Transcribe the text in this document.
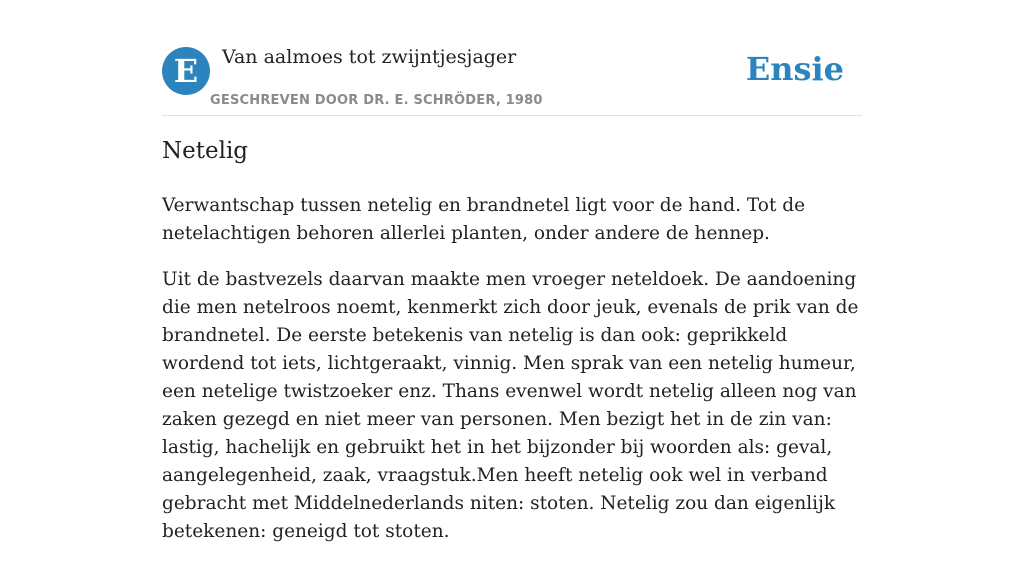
E	Van aalmoes tot zwijntjesjager
GESCHREVEN DOOR DR. E. SCHRÖDER, 1980
Ensie
Netelig

Verwantschap tussen netelig en brandnetel ligt voor de hand. Tot de netelachtigen behoren allerlei planten, onder andere de hennep.

Uit de bastvezels daarvan maakte men vroeger neteldoek. De aandoening die men netelroos noemt, kenmerkt zich door jeuk, evenals de prik van de brandnetel. De eerste betekenis van netelig is dan ook: geprikkeld wordend tot iets, lichtgeraakt, vinnig. Men sprak van een netelig humeur, een netelige twistzoeker enz. Thans evenwel wordt netelig alleen nog van zaken gezegd en niet meer van personen. Men bezigt het in de zin van: lastig, hachelijk en gebruikt het in het bijzonder bij woorden als: geval, aangelegenheid, zaak, vraagstuk.Men heeft netelig ook wel in verband gebracht met Middelnederlands niten: stoten. Netelig zou dan eigenlijk betekenen: geneigd tot stoten.
